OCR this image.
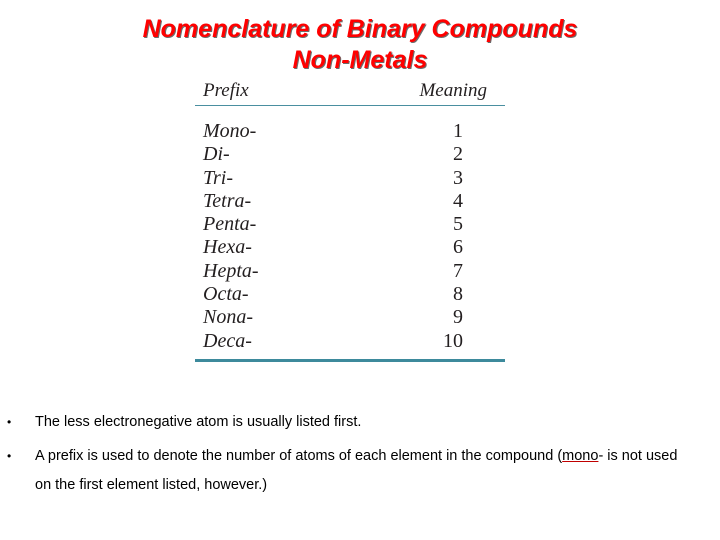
Nomenclature of Binary Compounds
Non-Metals
Prefix	Meaning
Mono-	1
Di-	2
Tri-	3
Tetra-	4
Penta-	5
Hexa-	6
Hepta-	7
Octa-	8
Nona-	9
Deca-	10
• The less electronegative atom is usually listed first.
• A prefix is used to denote the number of atoms of each element in the compound (mono- is not used on the first element listed, however.)
